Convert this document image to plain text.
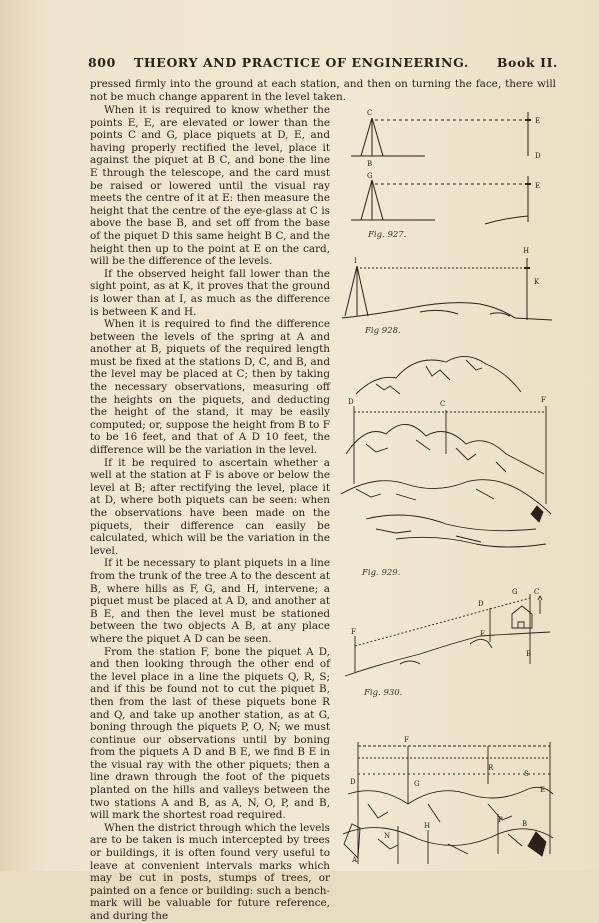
800 THEORY AND PRACTICE OF ENGINEERING. Book II.

pressed firmly into the ground at each station, and then on turning the face, there will not be much change apparent in the level taken.

When it is required to know whether the points E, E, are elevated or lower than the points C and G, place piquets at D, E, and having properly rectified the level, place it against the piquet at B C, and bone the line E through the telescope, and the card must be raised or lowered until the visual ray meets the centre of it at E: then measure the height that the centre of the eye-glass at C is above the base B, and set off from the base of the piquet D this same height B C, and the height then up to the point at E on the card, will be the difference of the levels.

If the observed height fall lower than the sight point, as at K, it proves that the ground is lower than at I, as much as the difference is between K and H.

When it is required to find the difference between the levels of the spring at A and another at B, piquets of the required length must be fixed at the stations D, C, and B, and the level may be placed at C; then by taking the necessary observations, measuring off the heights on the piquets, and deducting the height of the stand, it may be easily computed; or, suppose the height from B to F to be 16 feet, and that of A D 10 feet, the difference will be the variation in the level.

If it be required to ascertain whether a well at the station at F is above or below the level at B; after rectifying the level, place it at D, where both piquets can be seen: when the observations have been made on the piquets, their difference can easily be calculated, which will be the variation in the level.

If it be necessary to plant piquets in a line from the trunk of the tree A to the descent at B, where hills as F, G, and H, intervene; a piquet must be placed at A D, and another at B E, and then the level must be stationed between the two objects A B, at any place where the piquet A D can be seen.

From the station F, bone the piquet A D, and then looking through the other end of the level place in a line the piquets Q, R, S; and if this be found not to cut the piquet B, then from the last of these piquets bone R and Q, and take up another station, as at G, boning through the piquets P, O, N; we must continue our observations until by boning from the piquets A D and B E, we find B E in the visual ray with the other piquets; then a line drawn through the foot of the piquets planted on the hills and valleys between the two stations A and B, as A, N, O, P, and B, will mark the shortest road required.

When the district through which the levels are to be taken is much intercepted by trees or buildings, it is often found very useful to leave at convenient intervals marks which may be cut in posts, stumps of trees, or painted on a fence or building: such a bench-mark will be valuable for future reference, and during the

C
E
D
B
G
E
Fig. 927.
I
H
K
Fig 928.
D	C	F
Fig. 929.
G C
D
F
B
E
Fig. 930.
F
R
S
D	G
E
N
H
P	B
A
